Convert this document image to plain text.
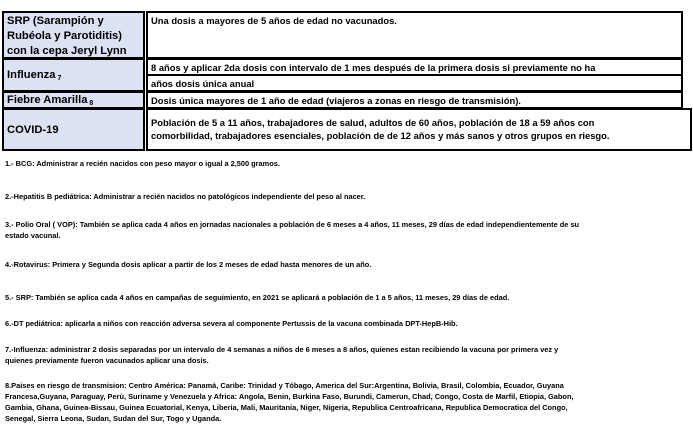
SRP (Sarampión y
Rubéola y Parotiditis)
con la cepa Jeryl Lynn
Una dosis a mayores de 5 años de edad no vacunados.
Influenza $_7$
8 años y aplicar 2da dosis con intervalo de 1 mes después de la primera dosis si previamente no ha
años dosis única anual
Fiebre Amarilla $_8$	Dosis única mayores de 1 año de edad (viajeros a zonas en riesgo de transmisión).
COVID-19
Población de 5 a 11 años, trabajadores de salud, adultos de 60 años, población de 18 a 59 años con
comorbilidad, trabajadores esenciales, población de de 12 años y más sanos y otros grupos en riesgo.
1.- BCG: Administrar a recién nacidos con peso mayor o igual a 2,500 gramos.
2.-Hepatitis B pediátrica: Administrar a recién nacidos no patológicos independiente del peso al nacer.
3.- Polio Oral ( VOP): También se aplica cada 4 años en jornadas nacionales a población de 6 meses a 4 años, 11 meses, 29 días de edad independientemente de su
estado vacunal.
4.-Rotavirus: Primera y Segunda dosis aplicar a partir de los 2 meses de edad hasta menores de un año.
5.- SRP: También se aplica cada 4 años en campañas de seguimiento, en 2021 se aplicará a población de 1 a 5 años, 11 meses, 29 días de edad.
6.-DT pediátrica: aplicarla a niños con reacción adversa severa al componente Pertussis de la vacuna combinada DPT-HepB-Hib.
7.-Influenza: administrar 2 dosis separadas por un intervalo de 4 semanas a niños de 6 meses a 8 años, quienes estan recibiendo la vacuna por primera vez y
quienes previamente fueron vacunados aplicar una dosis.
8.Paises en riesgo de transmision: Centro América: Panamá, Caribe: Trinidad y Tóbago, America del Sur:Argentina, Bolivia, Brasil, Colombia, Ecuador, Guyana
Francesa,Guyana, Paraguay, Perù, Suriname y Venezuela y Africa: Angola, Benin, Burkina Faso, Burundi, Camerun, Chad, Congo, Costa de Marfil, Etiopia, Gabon,
Gambia, Ghana, Guinea-Bissau, Guinea Ecuatorial, Kenya, Liberia, Mali, Mauritania, Niger, Nigeria, Republica Centroafricana, Republica Democratica del Congo,
Senegal, Sierra Leona, Sudan, Sudan del Sur, Togo y Uganda.
